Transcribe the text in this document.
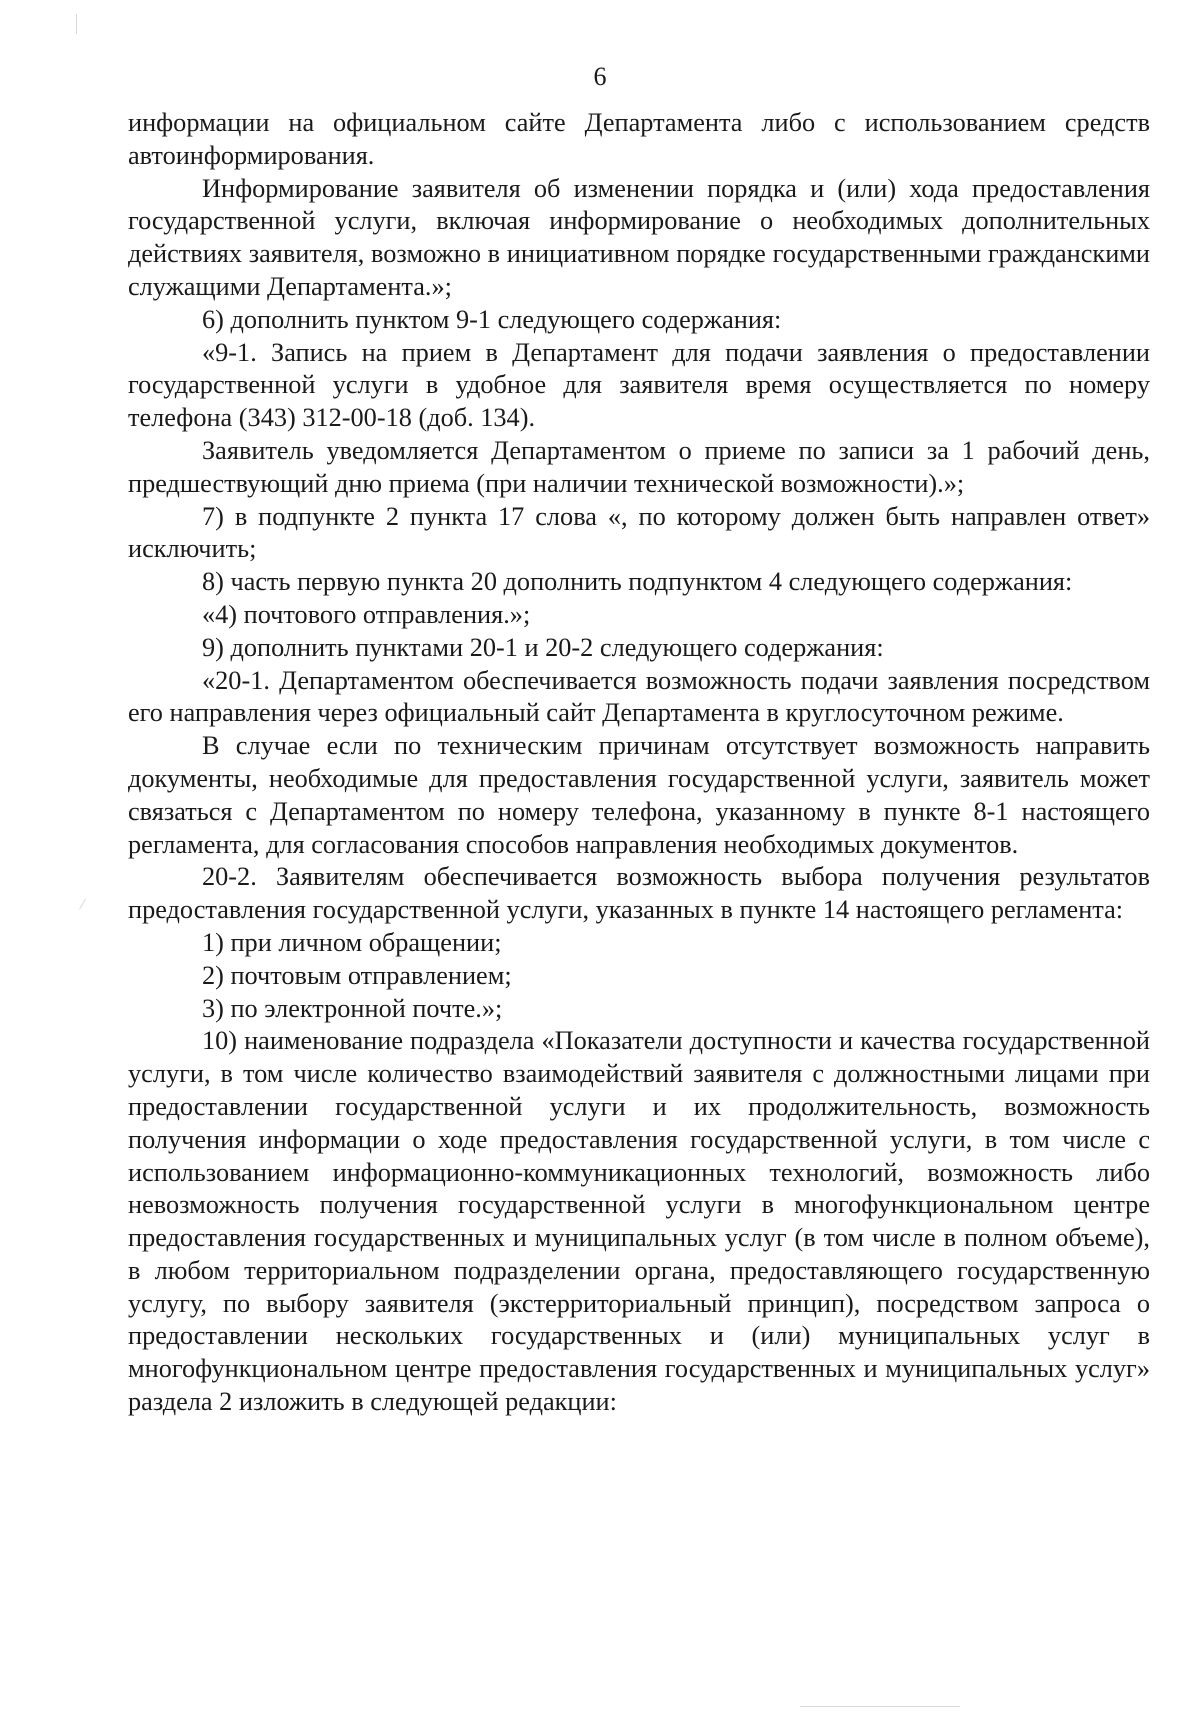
6

информации на официальном сайте Департамента либо с использованием средств автоинформирования.

Информирование заявителя об изменении порядка и (или) хода предоставления государственной услуги, включая информирование о необходимых дополнительных действиях заявителя, возможно в инициативном порядке государственными гражданскими служащими Департамента.»;

6) дополнить пунктом 9-1 следующего содержания:

«9-1. Запись на прием в Департамент для подачи заявления о предоставлении государственной услуги в удобное для заявителя время осуществляется по номеру телефона (343) 312-00-18 (доб. 134).

Заявитель уведомляется Департаментом о приеме по записи за 1 рабочий день, предшествующий дню приема (при наличии технической возможности).»;

7) в подпункте 2 пункта 17 слова «, по которому должен быть направлен ответ» исключить;

8) часть первую пункта 20 дополнить подпунктом 4 следующего содержания:

«4) почтового отправления.»;

9) дополнить пунктами 20-1 и 20-2 следующего содержания:

«20-1. Департаментом обеспечивается возможность подачи заявления посредством его направления через официальный сайт Департамента в круглосуточном режиме.

В случае если по техническим причинам отсутствует возможность направить документы, необходимые для предоставления государственной услуги, заявитель может связаться с Департаментом по номеру телефона, указанному в пункте 8-1 настоящего регламента, для согласования способов направления необходимых документов.

20-2. Заявителям обеспечивается возможность выбора получения результатов предоставления государственной услуги, указанных в пункте 14 настоящего регламента:

1) при личном обращении;

2) почтовым отправлением;

3) по электронной почте.»;

10) наименование подраздела «Показатели доступности и качества государственной услуги, в том числе количество взаимодействий заявителя с должностными лицами при предоставлении государственной услуги и их продолжительность, возможность получения информации о ходе предоставления государственной услуги, в том числе с использованием информационно-коммуникационных технологий, возможность либо невозможность получения государственной услуги в многофункциональном центре предоставления государственных и муниципальных услуг (в том числе в полном объеме), в любом территориальном подразделении органа, предоставляющего государственную услугу, по выбору заявителя (экстерриториальный принцип), посредством запроса о предоставлении нескольких государственных и (или) муниципальных услуг в многофункциональном центре предоставления государственных и муниципальных услуг» раздела 2 изложить в следующей редакции:
